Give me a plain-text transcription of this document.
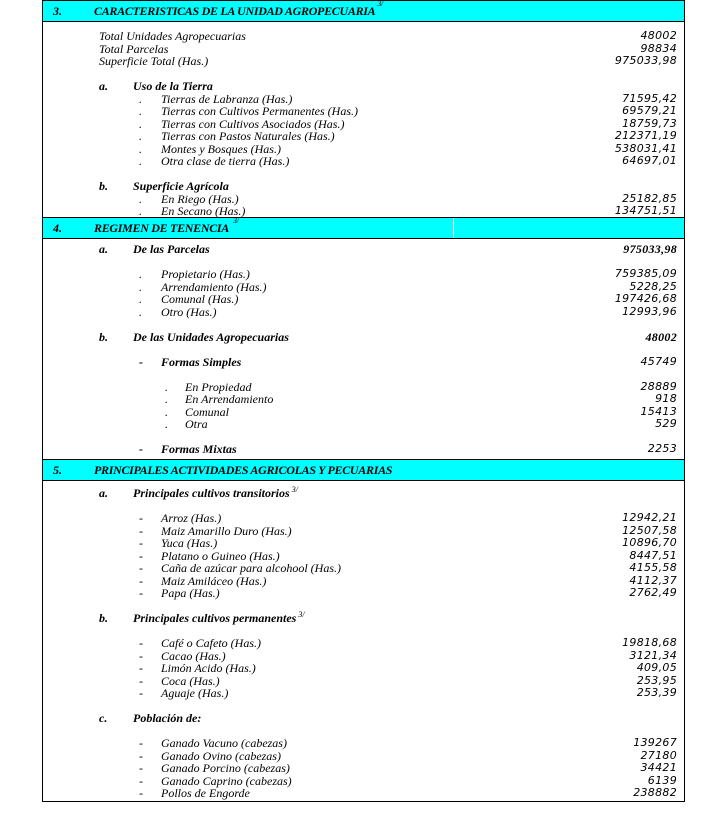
3.	CARACTERISTICAS DE LA UNIDAD $AGROPECUARIA^{3/}$
Total Unidades Agropecuarias	48002
Total Parcelas	98834
Superficie Total (Has.)	975033,98
a. Uso de la Tierra
. Tierras de Labranza (Has.)	71595,42
. Tierras con Cultivos Permanentes (Has.)	69579,21
. Tierras con Cultivos Asociados (Has.)	18759,73
. Tierras con Pastos Naturales (Has.)	212371,19
. Montes y Bosques (Has.)	538031,41
. Otra clase de tierra (Has.)	64697,01
b. Superficie Agrícola
. En Riego (Has.)	25182,85
. En Secano (Has.)	134751,51
4.	REGIMEN DE TENENCIA $^{3/}$
a. De las Parcelas	975033,98
. Propietario (Has.)	759385,09
. Arrendamiento (Has.)	5228,25
. Comunal (Has.)	197426,68
. Otro (Has.)	12993,96
b. De las Unidades Agropecuarias	48002
- Formas Simples	45749
. En Propiedad	28889
. En Arrendamiento	918
. Comunal	15413
. Otra	529
- Formas Mixtas	2253
5.	PRINCIPALES ACTIVIDADES AGRICOLAS Y PECUARIAS
a. Principales cultivos transitorios $^{3/}$
- Arroz (Has.)	12942,21
- Maiz Amarillo Duro (Has.)	12507,58
- Yuca (Has.)	10896,70
- Platano o Guineo (Has.)	8447,51
- Caña de azúcar para alcohool (Has.)	4155,58
- Maiz Amiláceo (Has.)	4112,37
- Papa (Has.)	2762,49
b. Principales cultivos permanentes $^{3/}$
- Café o Cafeto (Has.)	19818,68
- Cacao (Has.)	3121,34
- Limón Acido (Has.)	409,05
- Coca (Has.)	253,95
- Aguaje (Has.)	253,39
c. Población de:
- Ganado Vacuno (cabezas)	139267
- Ganado Ovino (cabezas)	27180
- Ganado Porcino (cabezas)	34421
- Ganado Caprino (cabezas)	6139
- Pollos de Engorde	238882
